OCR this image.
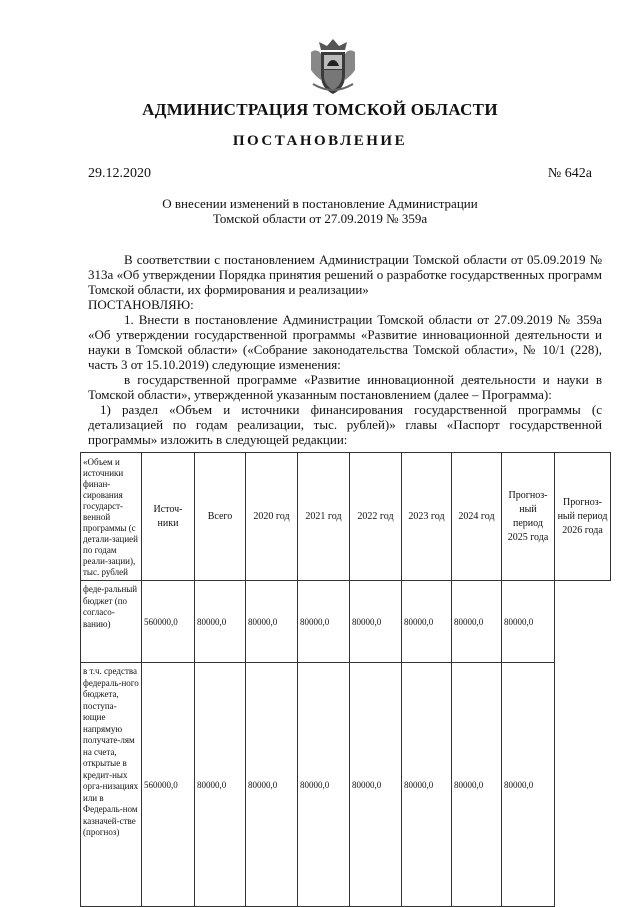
АДМИНИСТРАЦИЯ ТОМСКОЙ ОБЛАСТИ
ПОСТАНОВЛЕНИЕ
29.12.2020	№ 642а
О внесении изменений в постановление Администрации
Томской области от 27.09.2019 № 359а

В соответствии с постановлением Администрации Томской области от 05.09.2019 № 313а «Об утверждении Порядка принятия решений о разработке государственных программ Томской области, их формирования и реализации»

ПОСТАНОВЛЯЮ:

1. Внести в постановление Администрации Томской области от 27.09.2019 № 359а «Об утверждении государственной программы «Развитие инновационной деятельности и науки в Томской области» («Собрание законодательства Томской области», № 10/1 (228), часть 3 от 15.10.2019) следующие изменения:

в государственной программе «Развитие инновационной деятельности и науки в Томской области», утвержденной указанным постановлением (далее – Программа):

1) раздел «Объем и источники финансирования государственной программы (с детализацией по годам реализации, тыс. рублей)» главы «Паспорт государственной программы» изложить в следующей редакции:

«Объем и источники финан-сирования государст-венной программы (с детали-зацией по годам реали-зации), тыс. рублей	Источ-ники	Всего	2020 год	2021 год	2022 год	2023 год	2024 год	Прогноз-ный период 2025 года	Прогноз-ный период 2026 года
феде-ральный бюджет (по согласо-ванию)	560000,0	80000,0	80000,0	80000,0	80000,0	80000,0	80000,0	80000,0	
в т.ч. средства федераль-ного бюджета, поступа-ющие напрямую получате-лям на счета, открытые в кредит-ных орга-низациях или в Федераль-ном казначей-стве (прогноз)	560000,0	80000,0	80000,0	80000,0	80000,0	80000,0	80000,0	80000,0	
